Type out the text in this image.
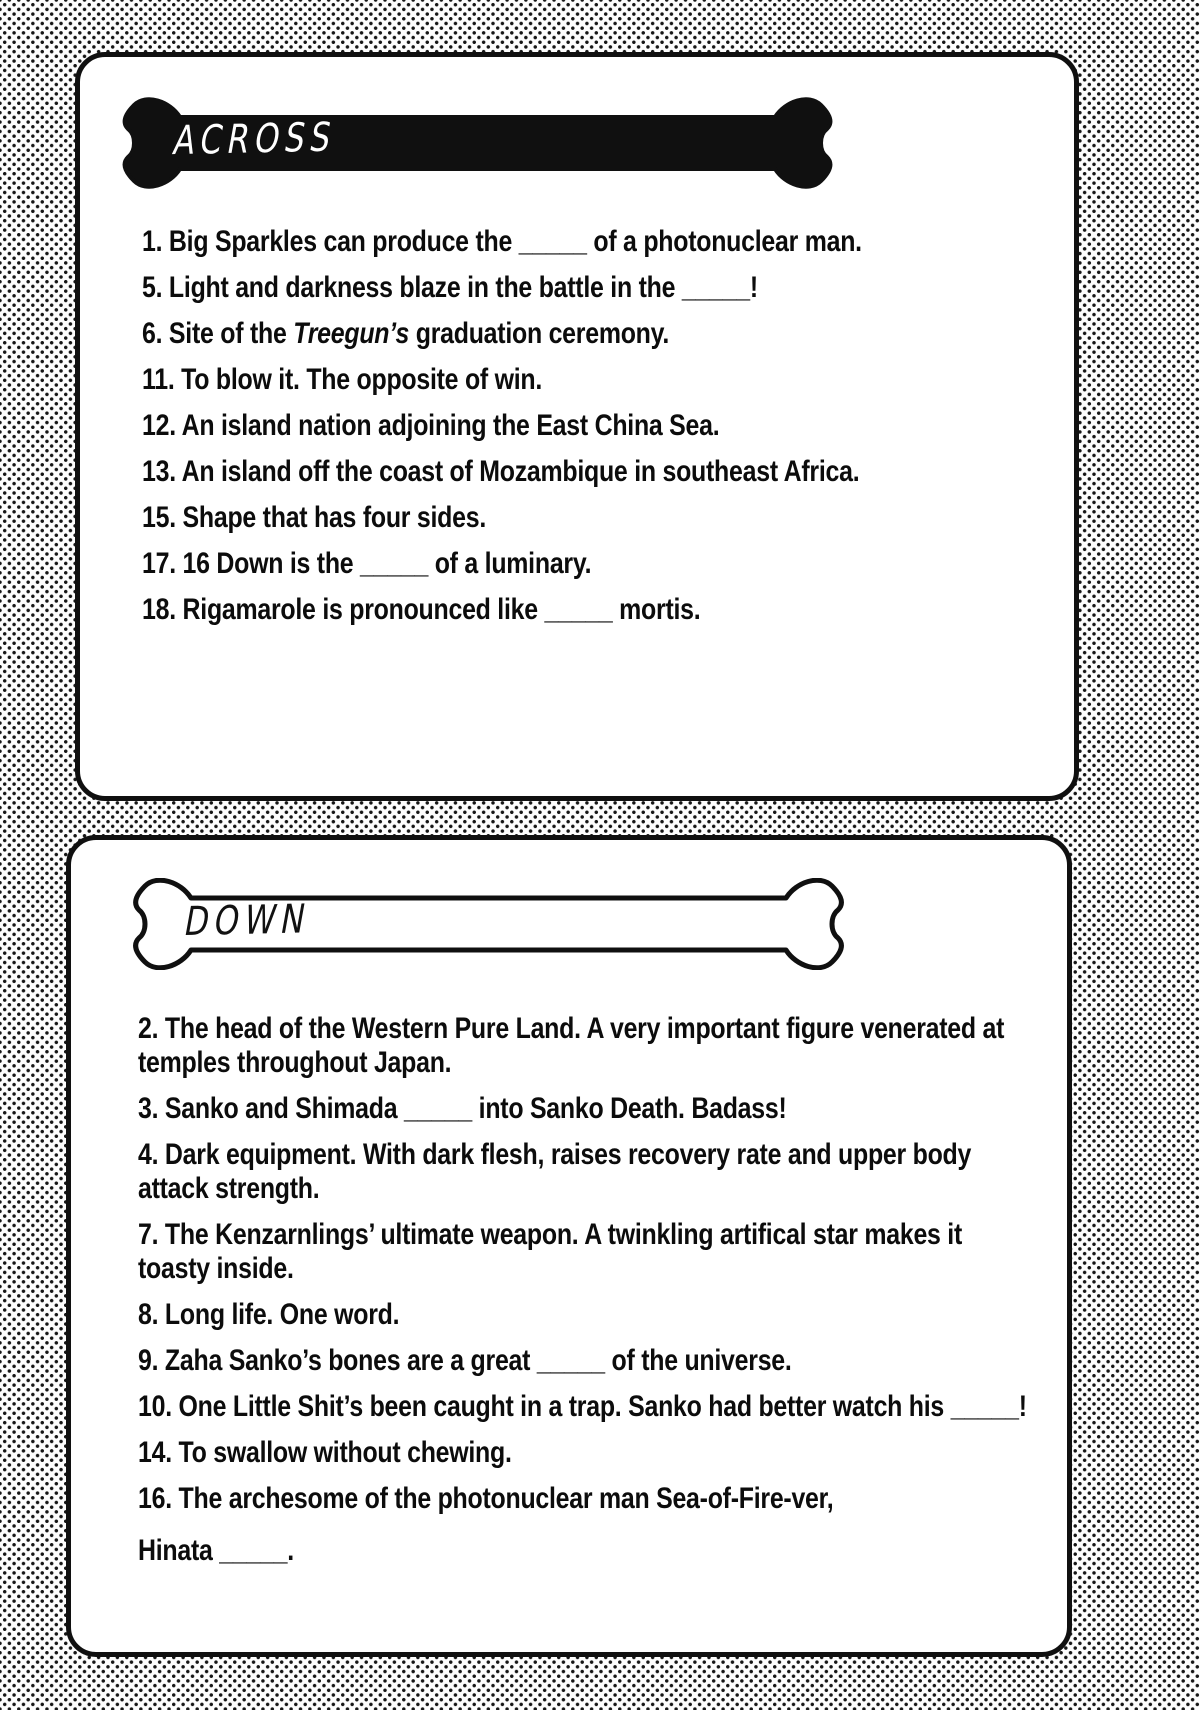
ACROSS

1. Big Sparkles can produce the _____ of a photonuclear man.

5. Light and darkness blaze in the battle in the _____!

6. Site of the Treegun’s graduation ceremony.

11. To blow it. The opposite of win.

12. An island nation adjoining the East China Sea.

13. An island off the coast of Mozambique in southeast Africa.

15. Shape that has four sides.

17. 16 Down is the _____ of a luminary.

18. Rigamarole is pronounced like _____ mortis.

DOWN

2. The head of the Western Pure Land. A very important figure venerated at temples throughout Japan.

3. Sanko and Shimada _____ into Sanko Death. Badass!

4. Dark equipment. With dark flesh, raises recovery rate and upper body attack strength.

7. The Kenzarnlings’ ultimate weapon. A twinkling artifical star makes it toasty inside.

8. Long life. One word.

9. Zaha Sanko’s bones are a great _____ of the universe.

10. One Little Shit’s been caught in a trap. Sanko had better watch his _____!

14. To swallow without chewing.

16. The archesome of the photonuclear man Sea-of-Fire-ver,

Hinata _____.
